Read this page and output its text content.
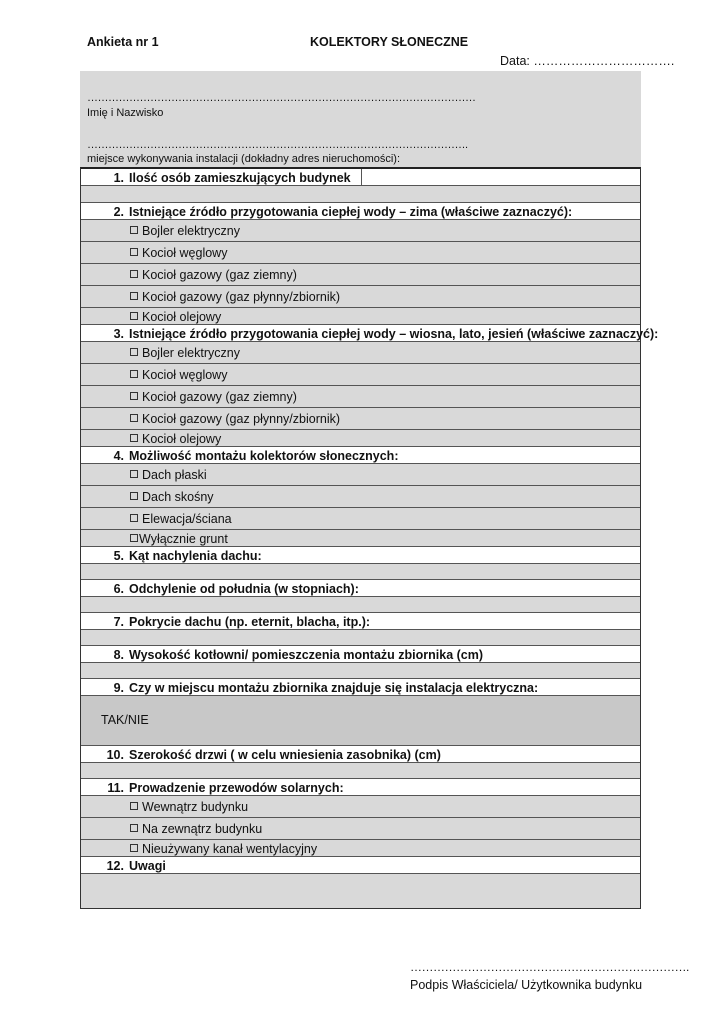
Ankieta nr 1	KOLEKTORY SŁONECZNE
Data: …………………………….
…………………………………………………………………………………………………
Imię i Nazwisko
……………………………………………………………………………………………….
miejsce wykonywania instalacji (dokładny adres nieruchomości):
1. Ilość osób zamieszkujących budynek
2. Istniejące źródło przygotowania ciepłej wody – zima (właściwe zaznaczyć):
Bojler elektryczny
Kocioł węglowy
Kocioł gazowy (gaz ziemny)
Kocioł gazowy (gaz płynny/zbiornik)
Kocioł olejowy
3. Istniejące źródło przygotowania ciepłej wody – wiosna, lato, jesień (właściwe zaznaczyć):
Bojler elektryczny
Kocioł węglowy
Kocioł gazowy (gaz ziemny)
Kocioł gazowy (gaz płynny/zbiornik)
Kocioł olejowy
4. Możliwość montażu kolektorów słonecznych:
Dach płaski
Dach skośny
Elewacja/ściana
Wyłącznie grunt
5. Kąt nachylenia dachu:
6. Odchylenie od południa (w stopniach):
7. Pokrycie dachu (np. eternit, blacha, itp.):
8. Wysokość kotłowni/ pomieszczenia montażu zbiornika (cm)
9. Czy w miejscu montażu zbiornika znajduje się instalacja elektryczna:
TAK/NIE
10. Szerokość drzwi ( w celu wniesienia zasobnika) (cm)
11. Prowadzenie przewodów solarnych:
Wewnątrz budynku
Na zewnątrz budynku
Nieużywany kanał wentylacyjny
12. Uwagi
……………………………………………………………….
Podpis Właściciela/ Użytkownika budynku
